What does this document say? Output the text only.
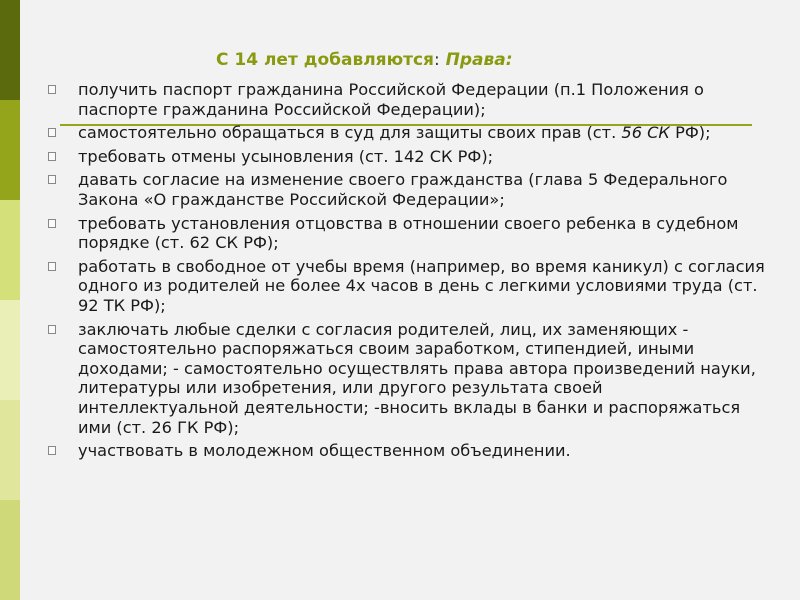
С 14 лет добавляются: Права:
получить паспорт гражданина Российской Федерации (п.1 Положения о паспорте гражданина Российской Федерации);
самостоятельно обращаться в суд для защиты своих прав (ст. 56 СК РФ);
требовать отмены усыновления (ст. 142 СК РФ);
давать согласие на изменение своего гражданства (глава 5 Федерального Закона «О гражданстве Российской Федерации»;
требовать установления отцовства в отношении своего ребенка в судебном порядке (ст. 62 СК РФ);
работать в свободное от учебы время (например, во время каникул) с согласия одного из родителей не более 4х часов в день с легкими условиями труда (ст. 92 ТК РФ);
заключать любые сделки с согласия родителей, лиц, их заменяющих - самостоятельно распоряжаться своим заработком, стипендией, иными доходами; - самостоятельно осуществлять права автора произведений науки, литературы или изобретения, или другого результата своей интеллектуальной деятельности; -вносить вклады в банки и распоряжаться ими (ст. 26 ГК РФ);
участвовать в молодежном общественном объединении.
